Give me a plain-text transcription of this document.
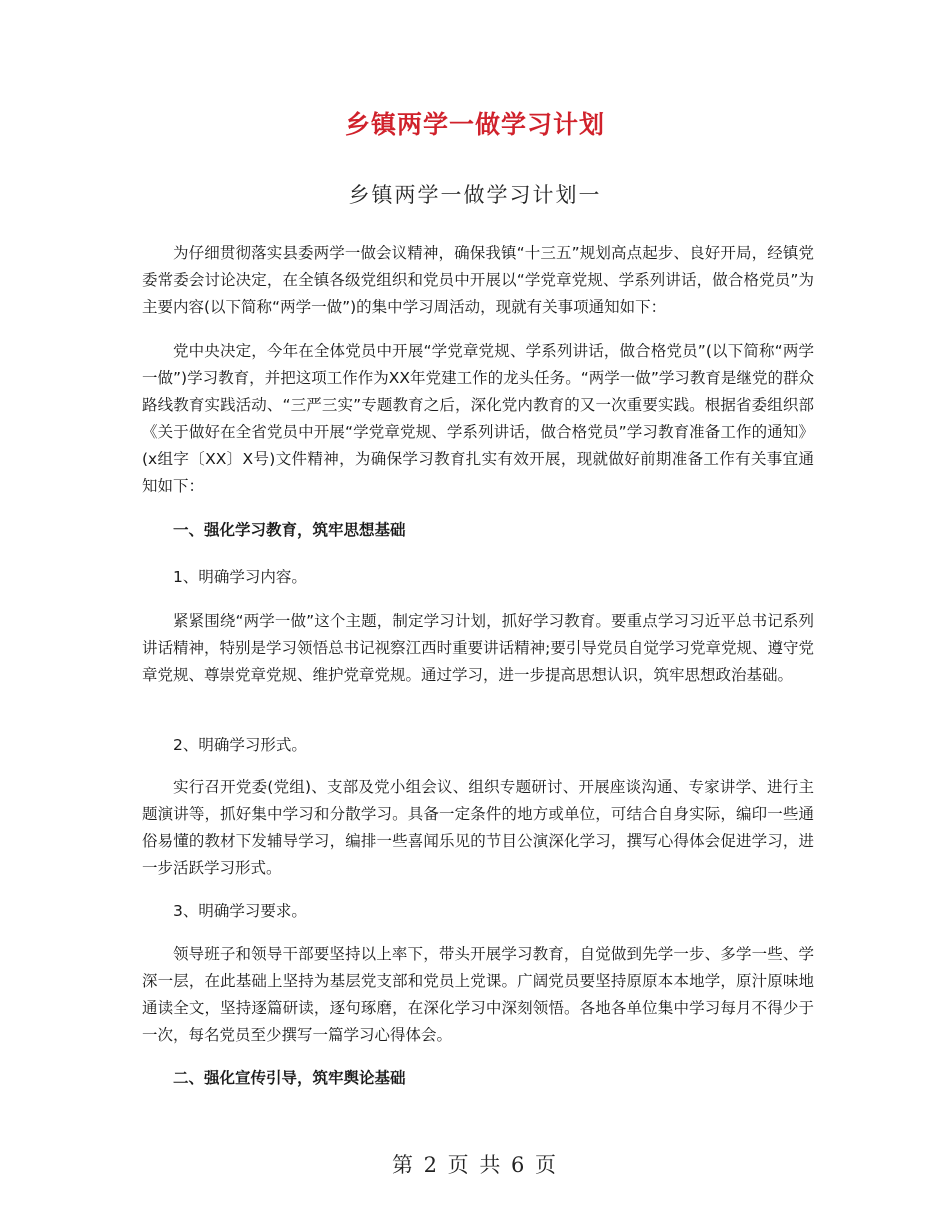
乡镇两学一做学习计划
乡镇两学一做学习计划一

为仔细贯彻落实县委两学一做会议精神，确保我镇“十三五”规划高点起步、良好开局，经镇党委常委会讨论决定，在全镇各级党组织和党员中开展以“学党章党规、学系列讲话，做合格党员”为主要内容(以下简称“两学一做”)的集中学习周活动，现就有关事项通知如下：

党中央决定，今年在全体党员中开展“学党章党规、学系列讲话，做合格党员”(以下简称“两学一做”)学习教育，并把这项工作作为XX年党建工作的龙头任务。“两学一做”学习教育是继党的群众路线教育实践活动、“三严三实”专题教育之后，深化党内教育的又一次重要实践。根据省委组织部《关于做好在全省党员中开展“学党章党规、学系列讲话，做合格党员”学习教育准备工作的通知》(x组字〔XX〕X号)文件精神，为确保学习教育扎实有效开展，现就做好前期准备工作有关事宜通知如下：

一、强化学习教育，筑牢思想基础

1、明确学习内容。

紧紧围绕“两学一做”这个主题，制定学习计划，抓好学习教育。要重点学习习近平总书记系列讲话精神，特别是学习领悟总书记视察江西时重要讲话精神;要引导党员自觉学习党章党规、遵守党章党规、尊崇党章党规、维护党章党规。通过学习，进一步提高思想认识，筑牢思想政治基础。

2、明确学习形式。

实行召开党委(党组)、支部及党小组会议、组织专题研讨、开展座谈沟通、专家讲学、进行主题演讲等，抓好集中学习和分散学习。具备一定条件的地方或单位，可结合自身实际，编印一些通俗易懂的教材下发辅导学习，编排一些喜闻乐见的节目公演深化学习，撰写心得体会促进学习，进一步活跃学习形式。

3、明确学习要求。

领导班子和领导干部要坚持以上率下，带头开展学习教育，自觉做到先学一步、多学一些、学深一层，在此基础上坚持为基层党支部和党员上党课。广阔党员要坚持原原本本地学，原汁原味地通读全文，坚持逐篇研读，逐句琢磨，在深化学习中深刻领悟。各地各单位集中学习每月不得少于一次，每名党员至少撰写一篇学习心得体会。

二、强化宣传引导，筑牢舆论基础

第 2 页 共 6 页
